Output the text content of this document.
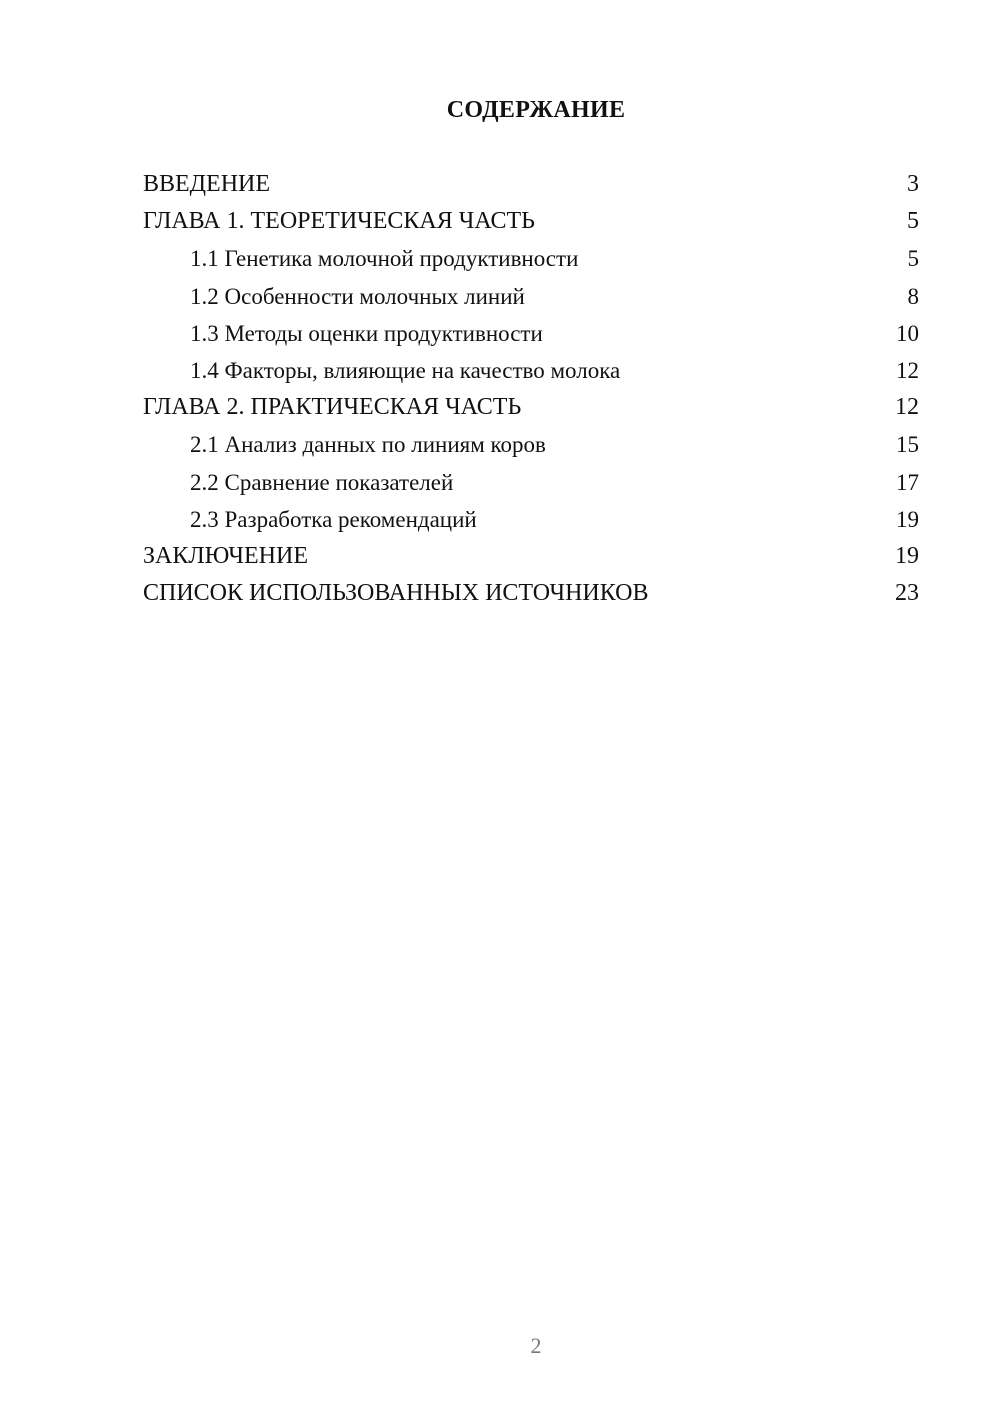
СОДЕРЖАНИЕ
ВВЕДЕНИЕ	3
ГЛАВА 1. ТЕОРЕТИЧЕСКАЯ ЧАСТЬ	5
1.1 Генетика молочной продуктивности	5
1.2 Особенности молочных линий	8
1.3 Методы оценки продуктивности	10
1.4 Факторы, влияющие на качество молока	12
ГЛАВА 2. ПРАКТИЧЕСКАЯ ЧАСТЬ	12
2.1 Анализ данных по линиям коров	15
2.2 Сравнение показателей	17
2.3 Разработка рекомендаций	19
ЗАКЛЮЧЕНИЕ	19
СПИСОК ИСПОЛЬЗОВАННЫХ ИСТОЧНИКОВ	23
2
